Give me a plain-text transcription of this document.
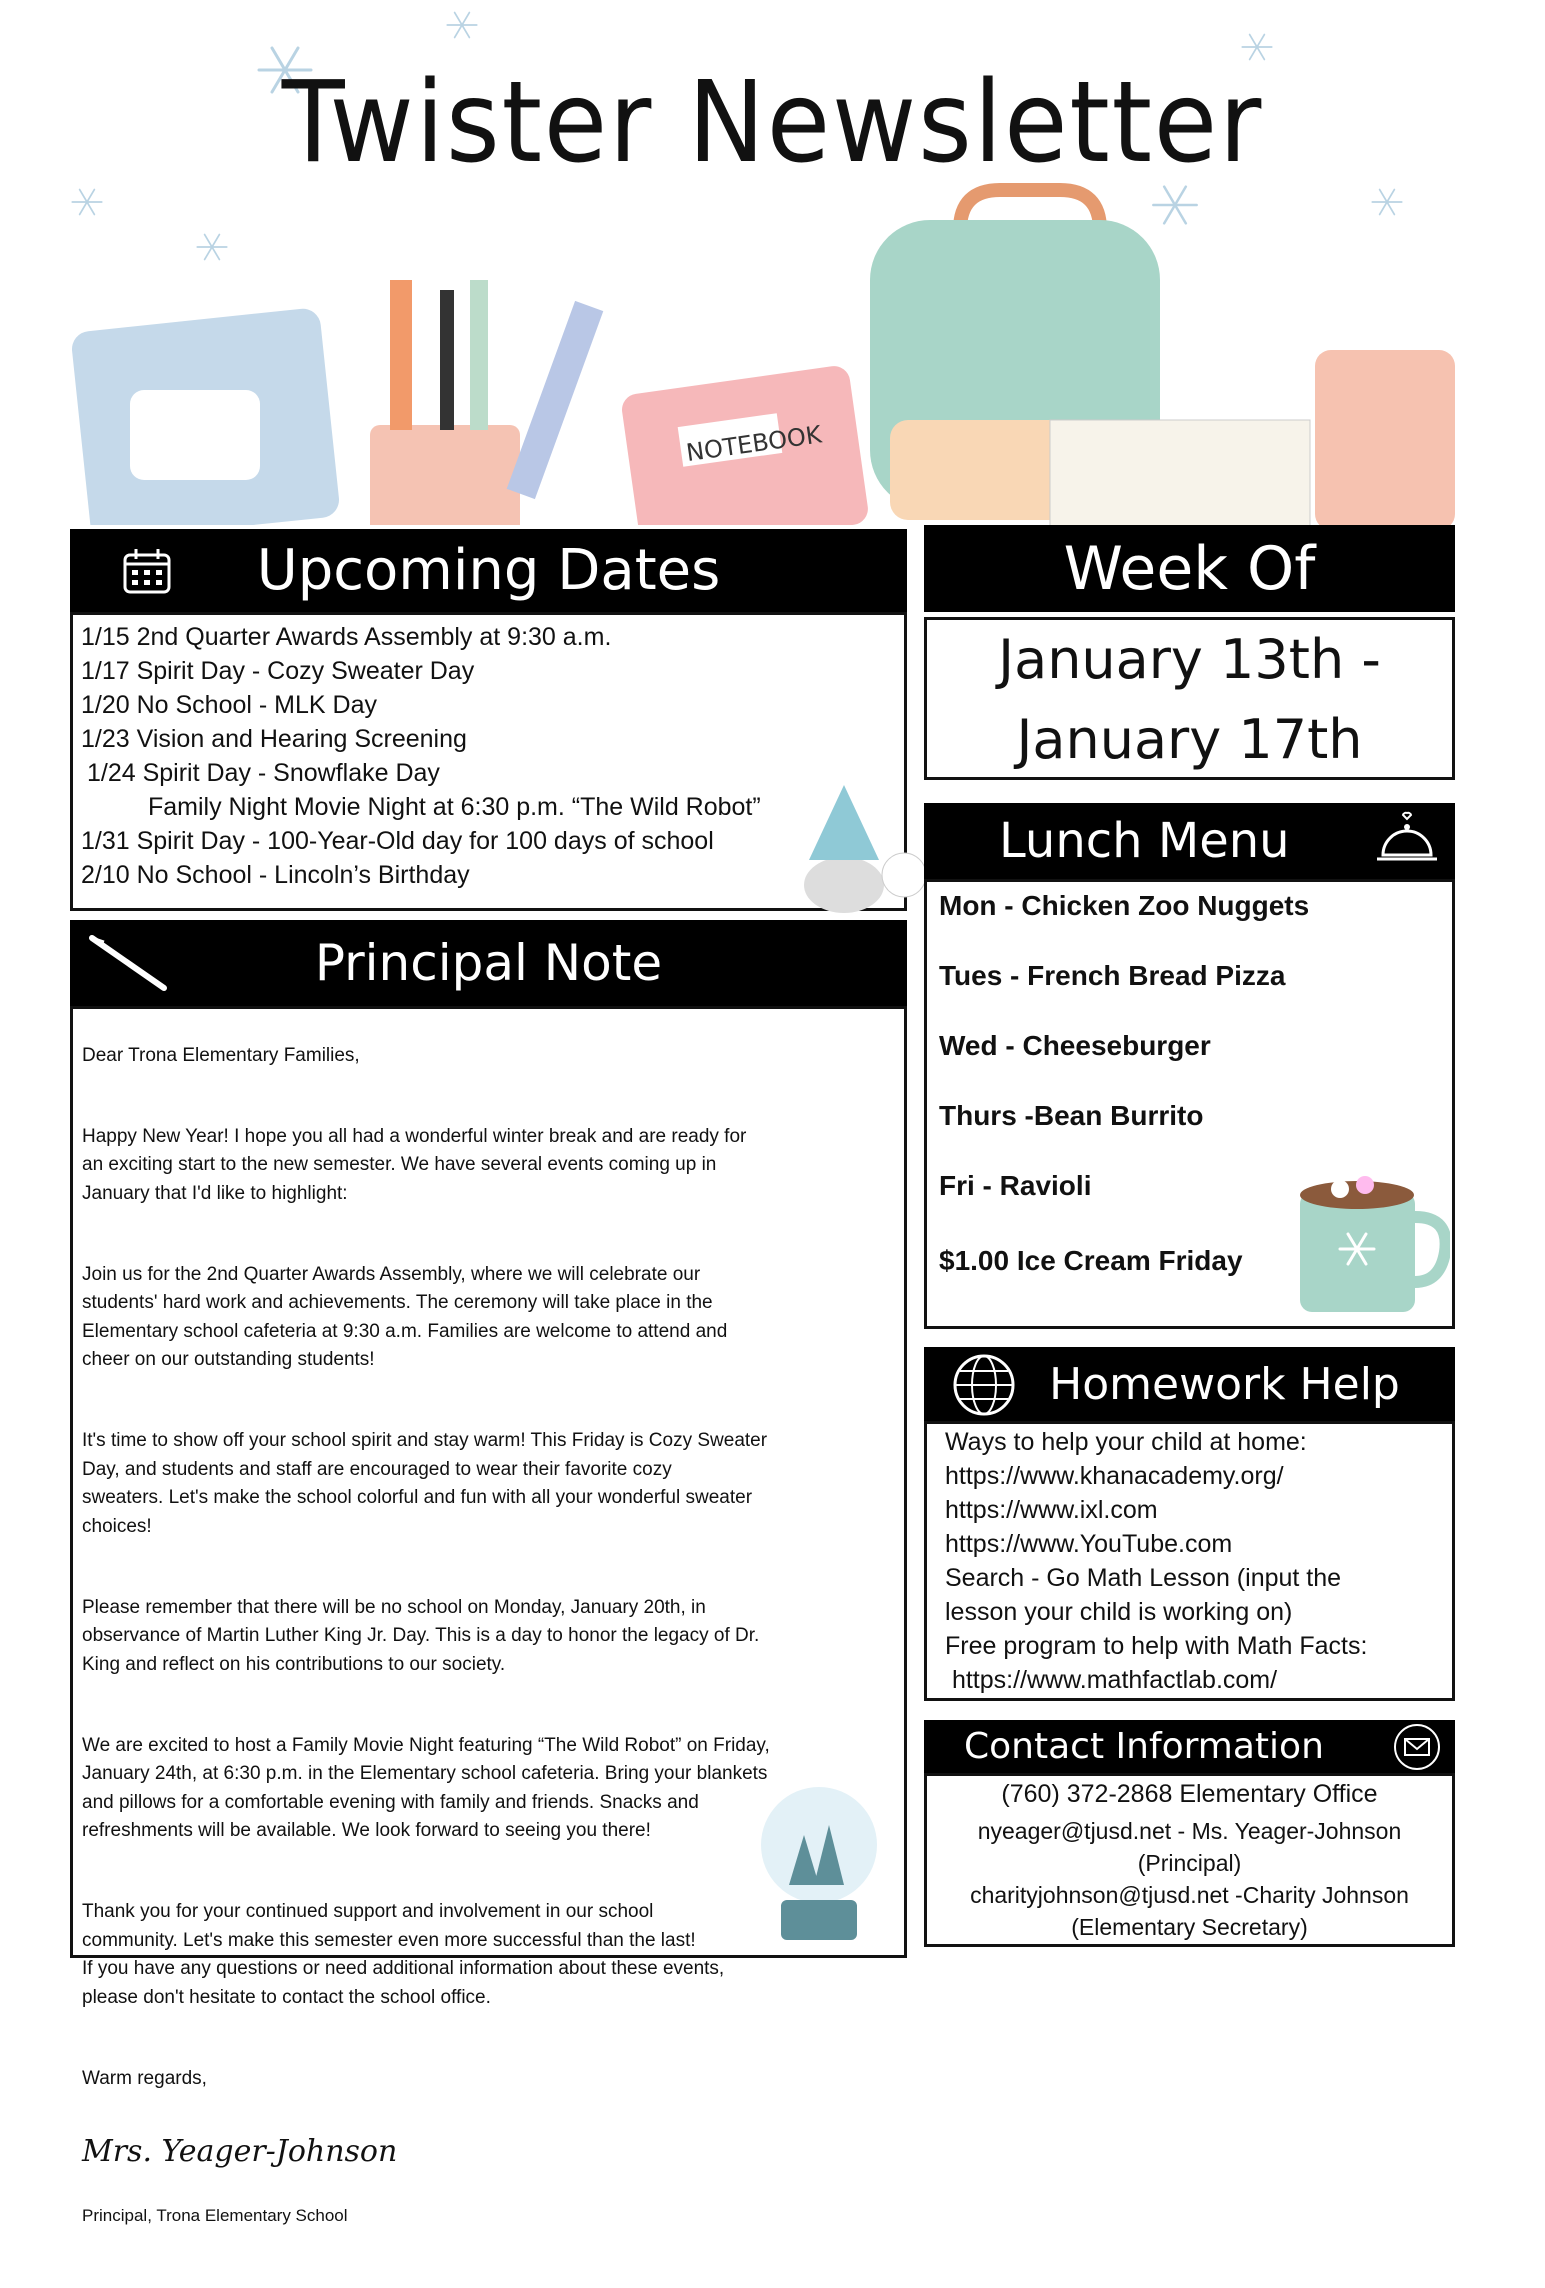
Twister Newsletter
NOTEBOOK
Upcoming Dates
1/15 2nd Quarter Awards Assembly at 9:30 a.m.
1/17 Spirit Day - Cozy Sweater Day
1/20 No School - MLK Day
1/23 Vision and Hearing Screening
1/24 Spirit Day - Snowflake Day
Family Night Movie Night at 6:30 p.m. “The Wild Robot”
1/31 Spirit Day - 100-Year-Old day for 100 days of school
2/10 No School - Lincoln’s Birthday
Principal Note

Dear Trona Elementary Families,

Happy New Year! I hope you all had a wonderful winter break and are ready for
an exciting start to the new semester. We have several events coming up in
January that I'd like to highlight:

Join us for the 2nd Quarter Awards Assembly, where we will celebrate our
students' hard work and achievements. The ceremony will take place in the
Elementary school cafeteria at 9:30 a.m. Families are welcome to attend and
cheer on our outstanding students!

It's time to show off your school spirit and stay warm! This Friday is Cozy Sweater
Day, and students and staff are encouraged to wear their favorite cozy
sweaters. Let's make the school colorful and fun with all your wonderful sweater
choices!

Please remember that there will be no school on Monday, January 20th, in
observance of Martin Luther King Jr. Day. This is a day to honor the legacy of Dr.
King and reflect on his contributions to our society.

We are excited to host a Family Movie Night featuring “The Wild Robot” on Friday,
January 24th, at 6:30 p.m. in the Elementary school cafeteria. Bring your blankets
and pillows for a comfortable evening with family and friends. Snacks and
refreshments will be available. We look forward to seeing you there!

Thank you for your continued support and involvement in our school
community. Let's make this semester even more successful than the last!
If you have any questions or need additional information about these events,
please don't hesitate to contact the school office.

Warm regards,

Mrs. Yeager-Johnson

Principal, Trona Elementary School

Week Of
January 13th -
January 17th
Lunch Menu
Mon - Chicken Zoo Nuggets
Tues - French Bread Pizza
Wed - Cheeseburger
Thurs -Bean Burrito
Fri - Ravioli
$1.00 Ice Cream Friday
Homework Help
Ways to help your child at home:
https://www.khanacademy.org/
https://www.ixl.com
https://www.YouTube.com
Search - Go Math Lesson (input the
lesson your child is working on)
Free program to help with Math Facts:
https://www.mathfactlab.com/
Contact Information
(760) 372-2868 Elementary Office
nyeager@tjusd.net - Ms. Yeager-Johnson
(Principal)
charityjohnson@tjusd.net -Charity Johnson
(Elementary Secretary)
